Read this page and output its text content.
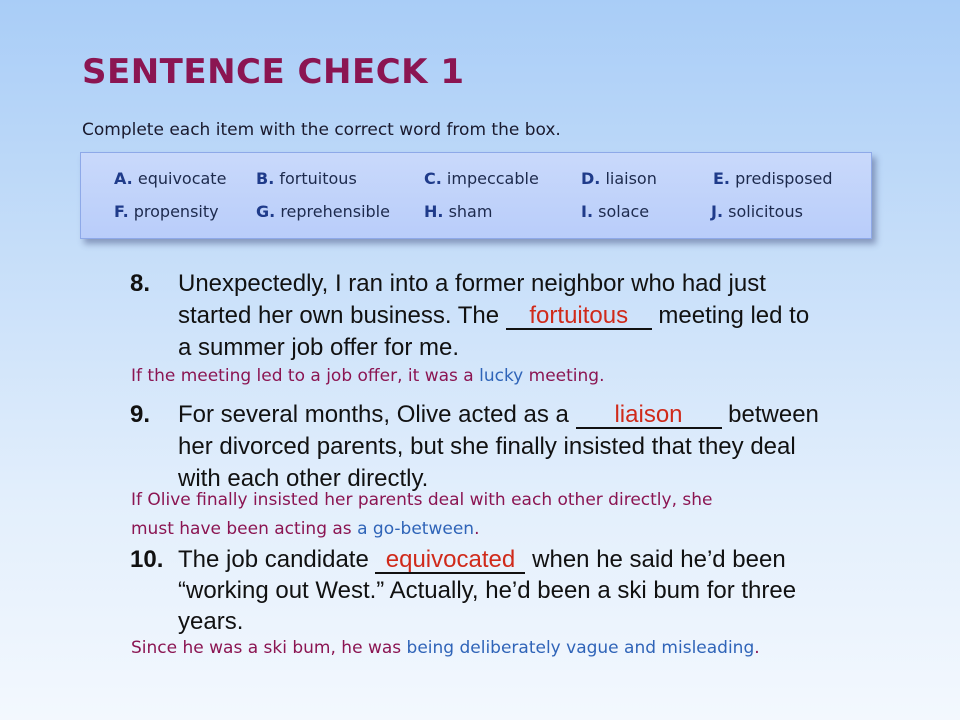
SENTENCE CHECK 1
Complete each item with the correct word from the box.
A. equivocate B. fortuitous	C. impeccable	D. liaison	E. predisposed
F. propensity G. reprehensible H. sham	I. solace	J. solicitous
8. Unexpectedly, I ran into a former neighbor who had just
started her own business. The fortuitous meeting led to
a summer job offer for me.
If the meeting led to a job offer, it was a lucky meeting.
9. For several months, Olive acted as a liaison between
her divorced parents, but she finally insisted that they deal
with each other directly.
If Olive finally insisted her parents deal with each other directly, she
must have been acting as a go-between.
10. The job candidate equivocated when he said he’d been
“working out West.” Actually, he’d been a ski bum for three
years.
Since he was a ski bum, he was being deliberately vague and misleading.
